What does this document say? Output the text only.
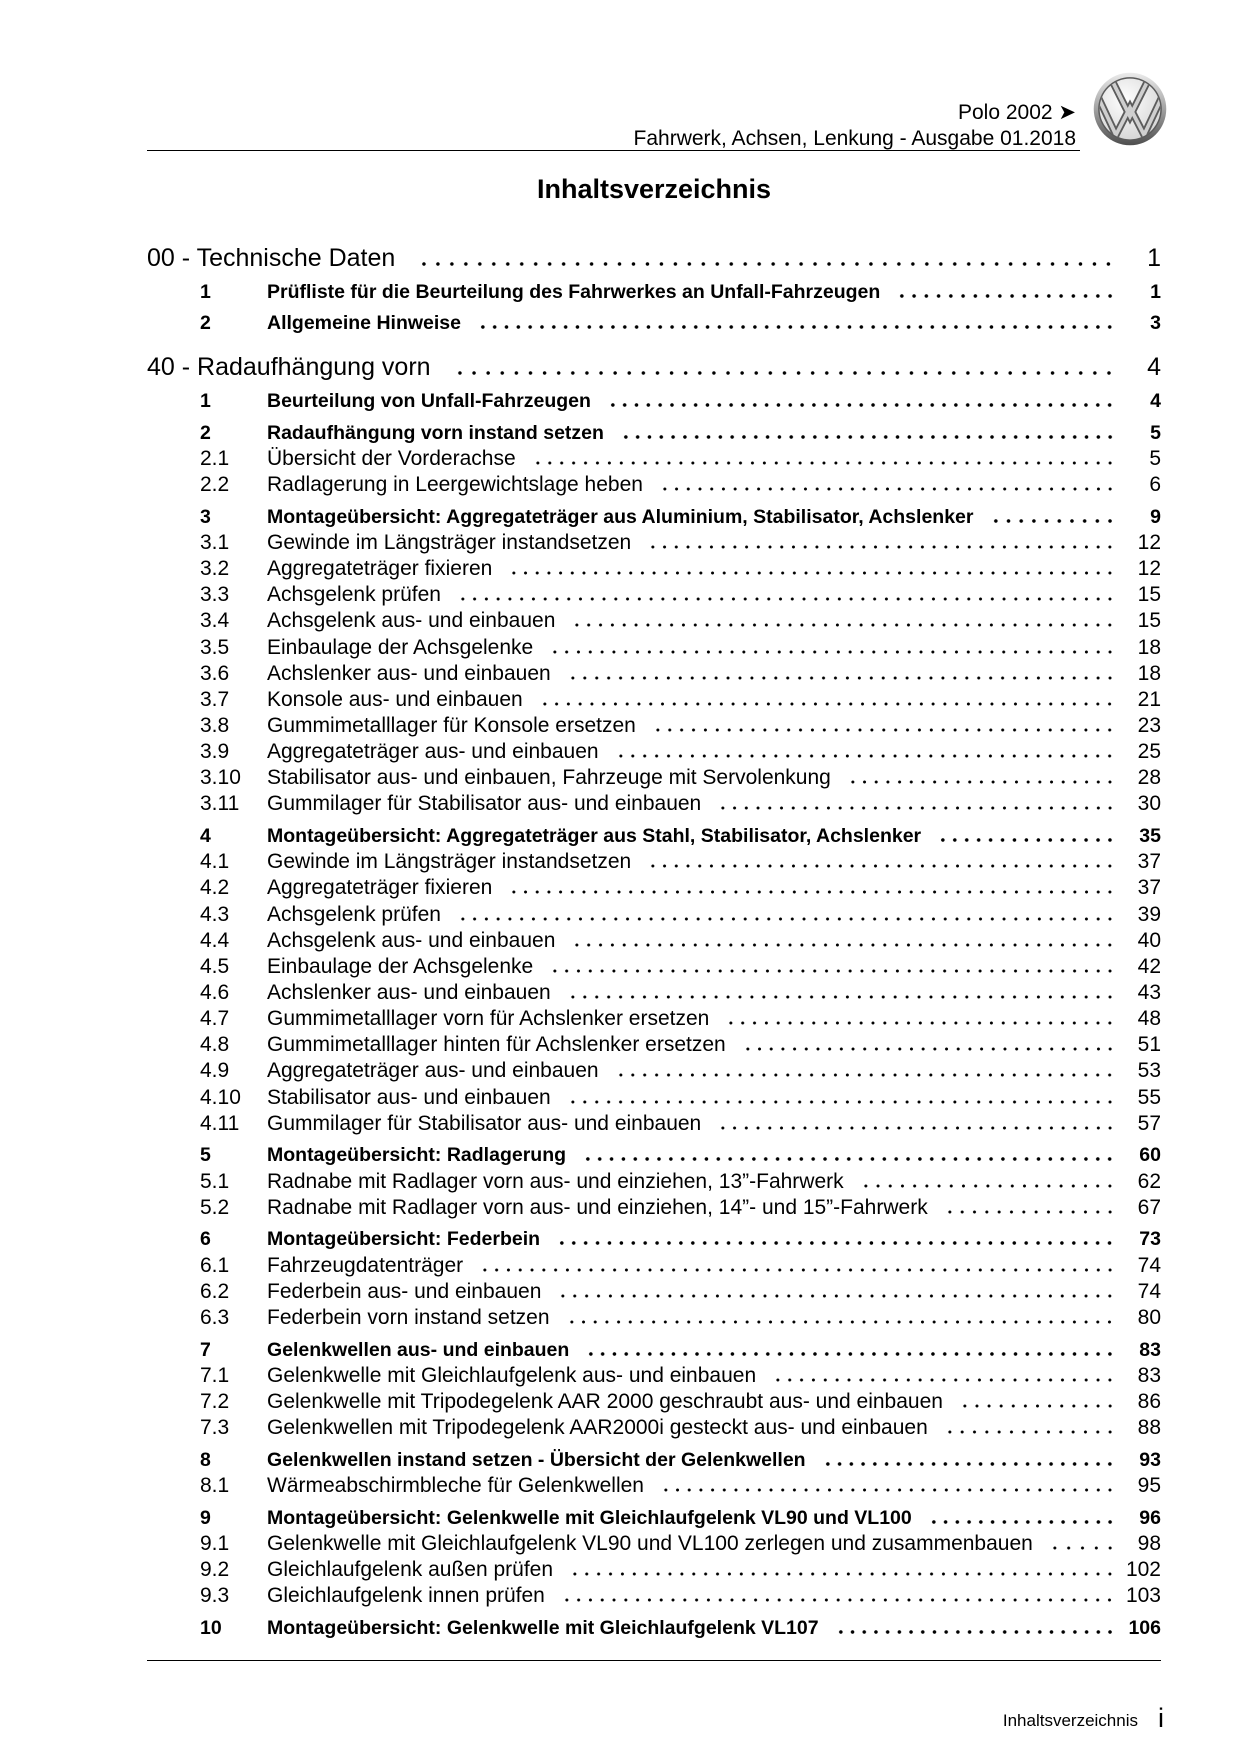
Polo 2002 ➤
Fahrwerk, Achsen, Lenkung - Ausgabe 01.2018
Inhaltsverzeichnis
00 - Technische Daten	1
1	Prüfliste für die Beurteilung des Fahrwerkes an Unfall-Fahrzeugen	1
2	Allgemeine Hinweise	3
40 - Radaufhängung vorn	4
1	Beurteilung von Unfall-Fahrzeugen	4
2	Radaufhängung vorn instand setzen	5
2.1	Übersicht der Vorderachse	5
2.2	Radlagerung in Leergewichtslage heben	6
3	Montageübersicht: Aggregateträger aus Aluminium, Stabilisator, Achslenker	9
3.1	Gewinde im Längsträger instandsetzen	12
3.2	Aggregateträger fixieren	12
3.3	Achsgelenk prüfen	15
3.4	Achsgelenk aus- und einbauen	15
3.5	Einbaulage der Achsgelenke	18
3.6	Achslenker aus- und einbauen	18
3.7	Konsole aus- und einbauen	21
3.8	Gummimetalllager für Konsole ersetzen	23
3.9	Aggregateträger aus- und einbauen	25
3.10	Stabilisator aus- und einbauen, Fahrzeuge mit Servolenkung	28
3.11	Gummilager für Stabilisator aus- und einbauen	30
4	Montageübersicht: Aggregateträger aus Stahl, Stabilisator, Achslenker	35
4.1	Gewinde im Längsträger instandsetzen	37
4.2	Aggregateträger fixieren	37
4.3	Achsgelenk prüfen	39
4.4	Achsgelenk aus- und einbauen	40
4.5	Einbaulage der Achsgelenke	42
4.6	Achslenker aus- und einbauen	43
4.7	Gummimetalllager vorn für Achslenker ersetzen	48
4.8	Gummimetalllager hinten für Achslenker ersetzen	51
4.9	Aggregateträger aus- und einbauen	53
4.10	Stabilisator aus- und einbauen	55
4.11	Gummilager für Stabilisator aus- und einbauen	57
5	Montageübersicht: Radlagerung	60
5.1	Radnabe mit Radlager vorn aus- und einziehen, 13”-Fahrwerk	62
5.2	Radnabe mit Radlager vorn aus- und einziehen, 14”- und 15”-Fahrwerk	67
6	Montageübersicht: Federbein	73
6.1	Fahrzeugdatenträger	74
6.2	Federbein aus- und einbauen	74
6.3	Federbein vorn instand setzen	80
7	Gelenkwellen aus- und einbauen	83
7.1	Gelenkwelle mit Gleichlaufgelenk aus- und einbauen	83
7.2	Gelenkwelle mit Tripodegelenk AAR 2000 geschraubt aus- und einbauen	86
7.3	Gelenkwellen mit Tripodegelenk AAR2000i gesteckt aus- und einbauen	88
8	Gelenkwellen instand setzen - Übersicht der Gelenkwellen	93
8.1	Wärmeabschirmbleche für Gelenkwellen	95
9	Montageübersicht: Gelenkwelle mit Gleichlaufgelenk VL90 und VL100	96
9.1	Gelenkwelle mit Gleichlaufgelenk VL90 und VL100 zerlegen und zusammenbauen	98
9.2	Gleichlaufgelenk außen prüfen	102
9.3	Gleichlaufgelenk innen prüfen	103
10	Montageübersicht: Gelenkwelle mit Gleichlaufgelenk VL107	106
Inhaltsverzeichnis i
